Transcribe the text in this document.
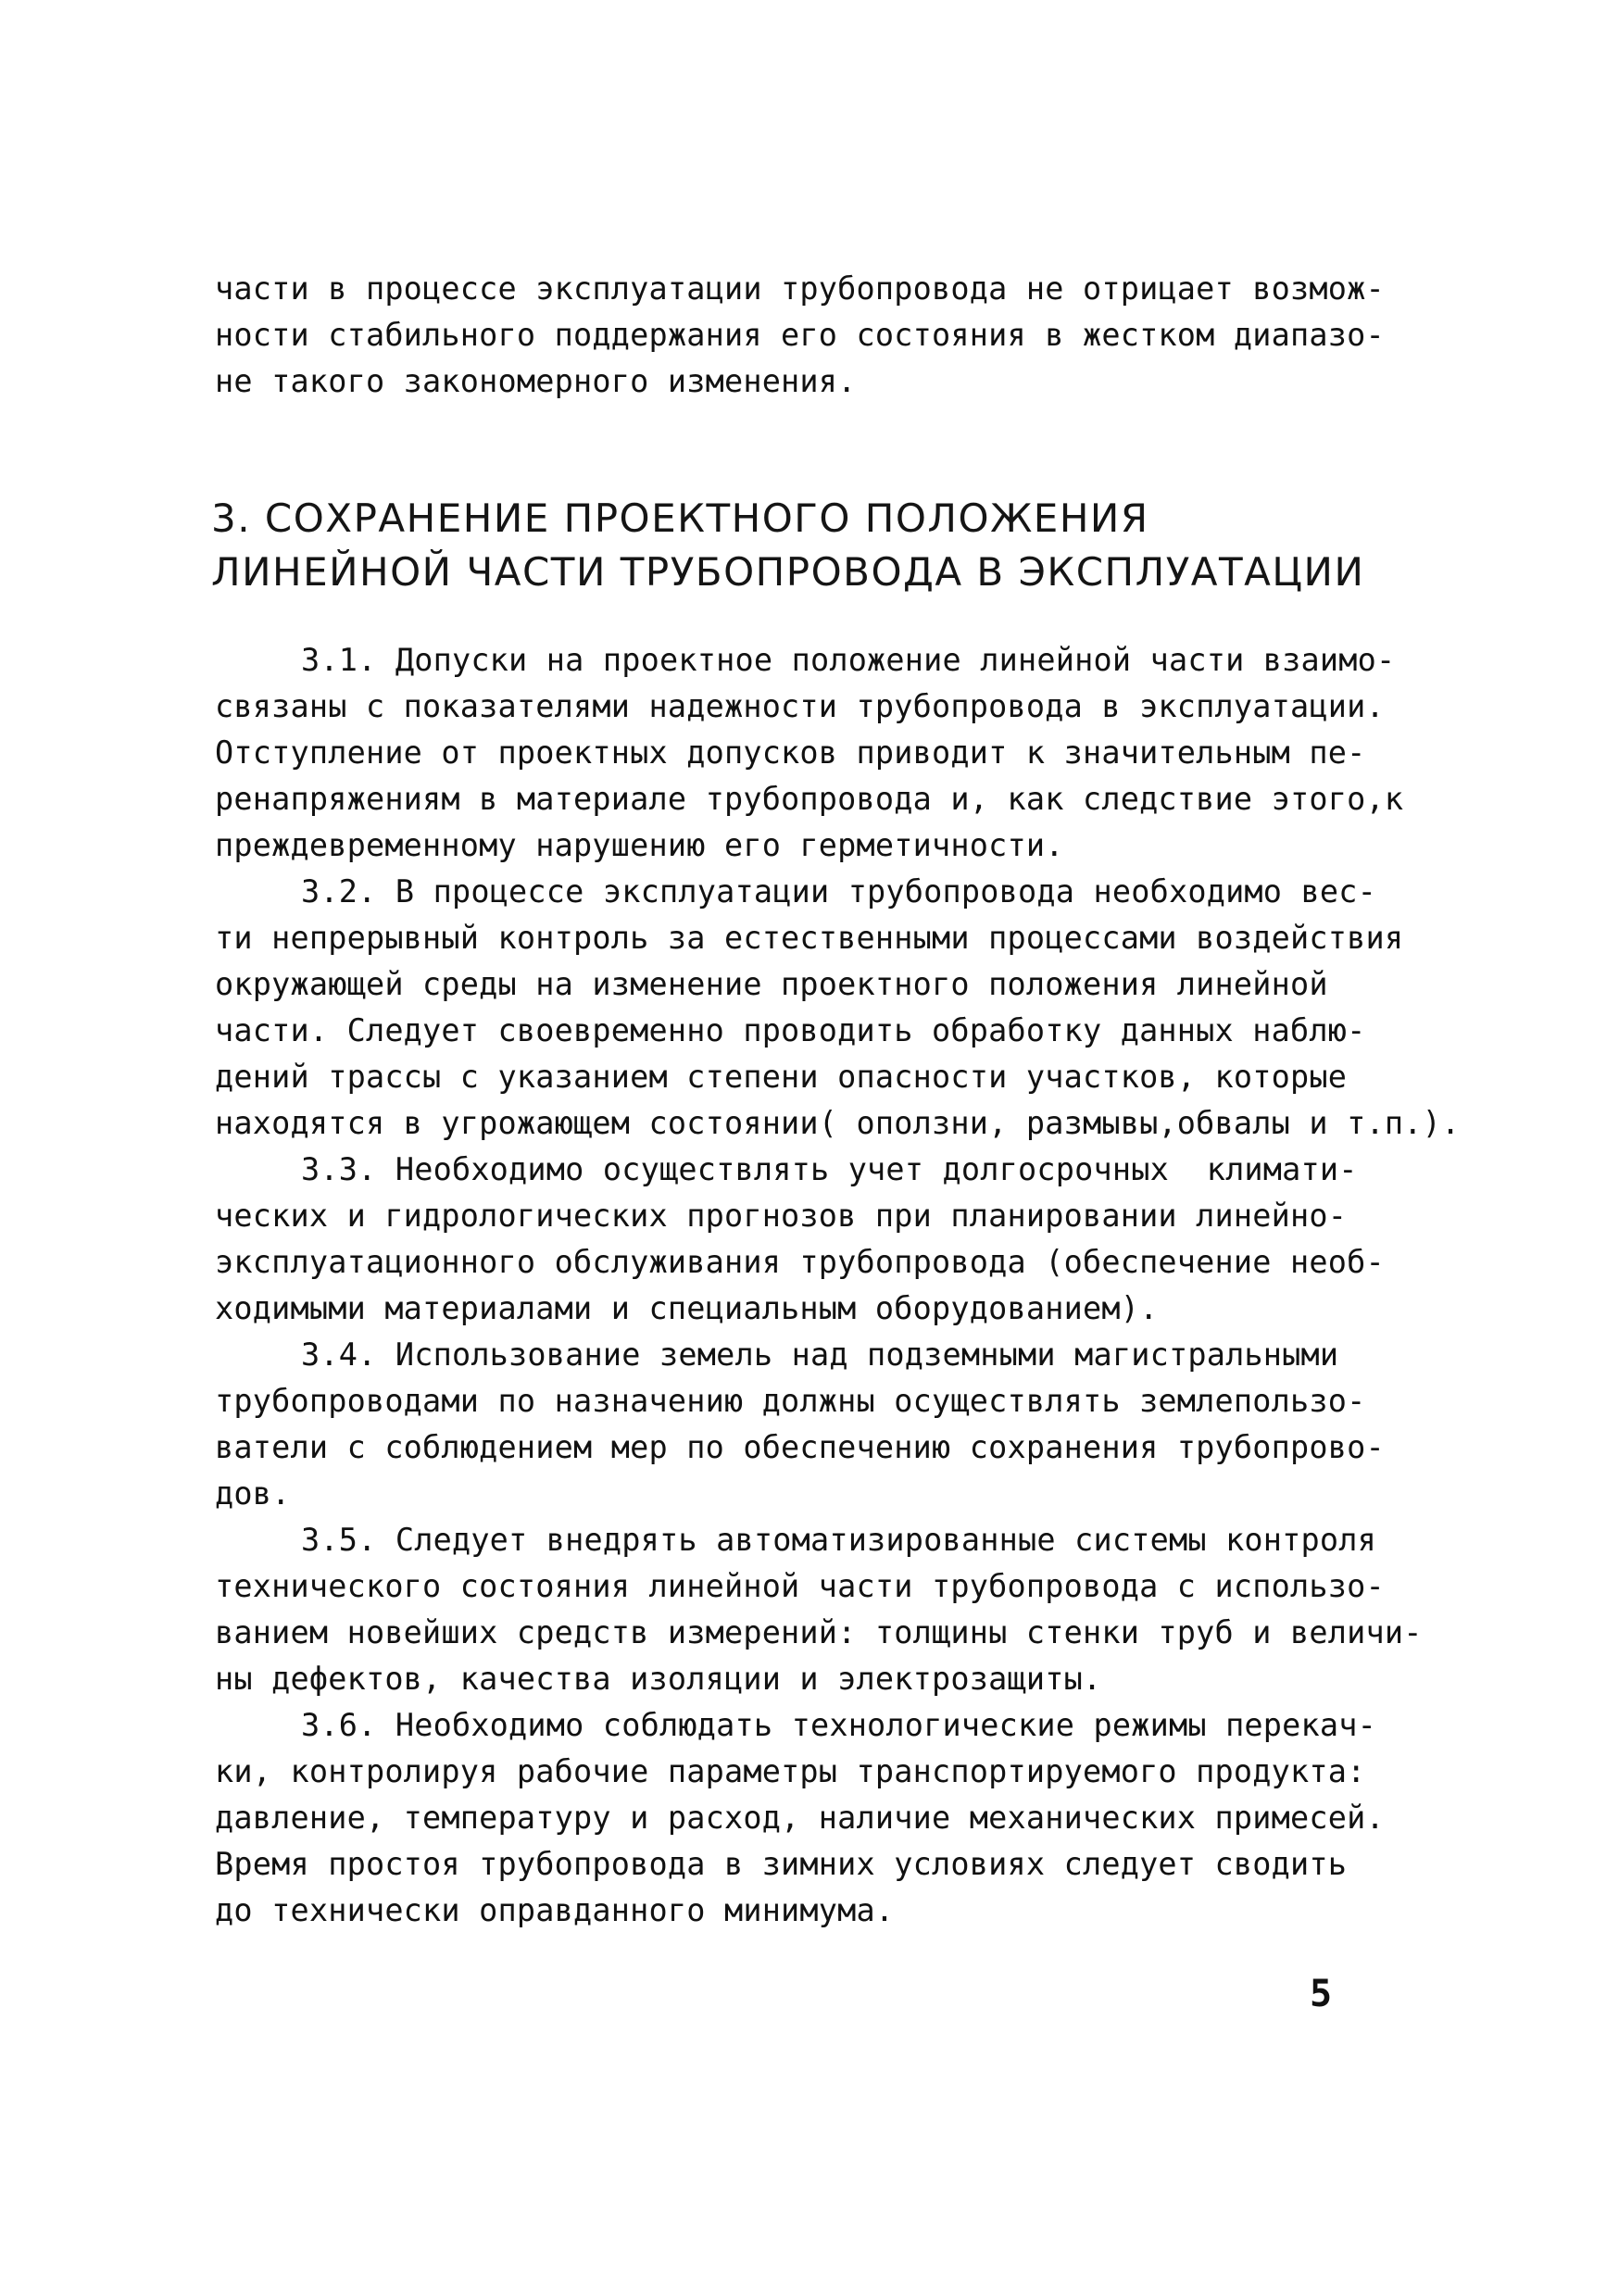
части в процессе эксплуатации трубопровода не отрицает возмож-
ности стабильного поддержания его состояния в жестком диапазо-
не такого закономерного изменения.
3. СОХРАНЕНИЕ ПРОЕКТНОГО ПОЛОЖЕНИЯ
ЛИНЕЙНОЙ ЧАСТИ ТРУБОПРОВОДА В ЭКСПЛУАТАЦИИ
3.1. Допуски на проектное положение линейной части взаимо-
связаны с показателями надежности трубопровода в эксплуатации.
Отступление от проектных допусков приводит к значительным пе-
ренапряжениям в материале трубопровода и, как следствие этого,к
преждевременному нарушению его герметичности.
3.2. В процессе эксплуатации трубопровода необходимо вес-
ти непрерывный контроль за естественными процессами воздействия
окружающей среды на изменение проектного положения линейной
части. Следует своевременно проводить обработку данных наблю-
дений трассы с указанием степени опасности участков, которые
находятся в угрожающем состоянии( оползни, размывы,обвалы и т.п.).
3.3. Необходимо осуществлять учет долгосрочных  климати-
ческих и гидрологических прогнозов при планировании линейно-
эксплуатационного обслуживания трубопровода (обеспечение необ-
ходимыми материалами и специальным оборудованием).
3.4. Использование земель над подземными магистральными
трубопроводами по назначению должны осуществлять землепользо-
ватели с соблюдением мер по обеспечению сохранения трубопрово-
дов.
3.5. Следует внедрять автоматизированные системы контроля
технического состояния линейной части трубопровода с использо-
ванием новейших средств измерений: толщины стенки труб и величи-
ны дефектов, качества изоляции и электрозащиты.
3.6. Необходимо соблюдать технологические режимы перекач-
ки, контролируя рабочие параметры транспортируемого продукта:
давление, температуру и расход, наличие механических примесей.
Время простоя трубопровода в зимних условиях следует сводить
до технически оправданного минимума.
5
